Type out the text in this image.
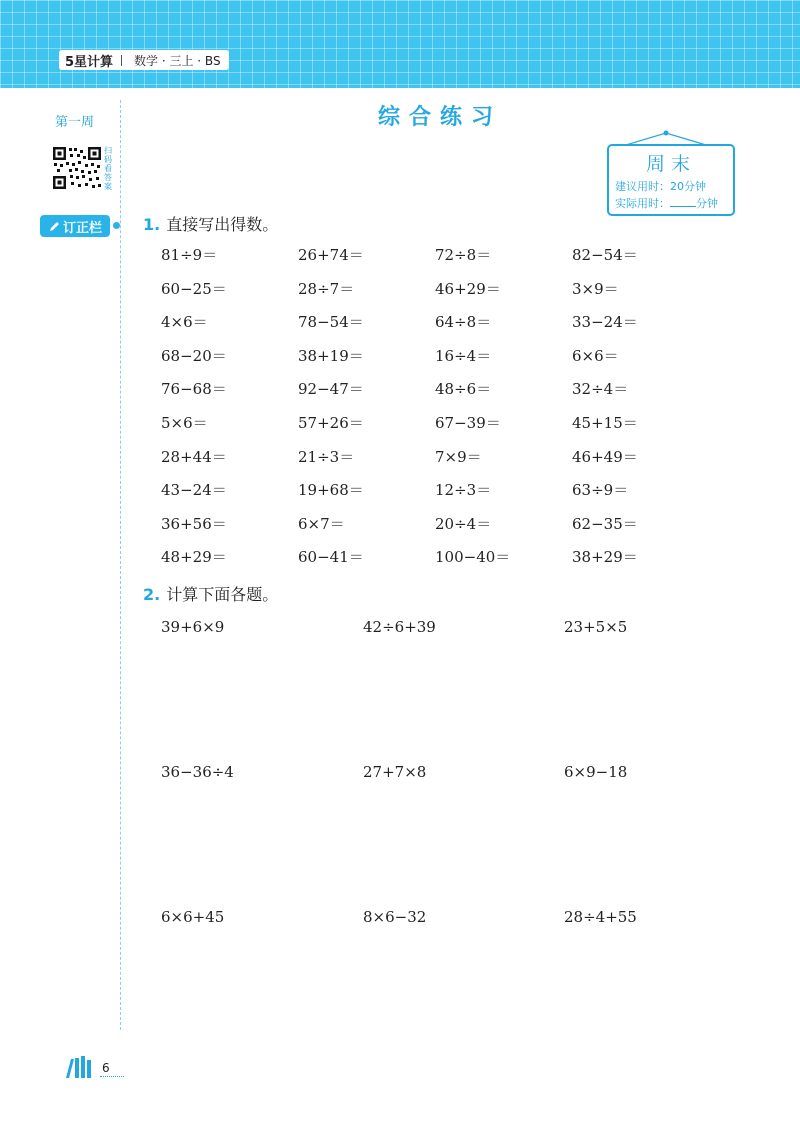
5星计算 数学 · 三上 · BS
第一周
扫码看答案
订正栏
综合练习
周末
建议用时：20分钟
实际用时： 分钟
1. 直接写出得数。
81÷9＝	26+74＝	72÷8＝	82−54＝
60−25＝	28÷7＝	46+29＝	3×9＝
4×6＝	78−54＝	64÷8＝	33−24＝
68−20＝	38+19＝	16÷4＝	6×6＝
76−68＝	92−47＝	48÷6＝	32÷4＝
5×6＝	57+26＝	67−39＝	45+15＝
28+44＝	21÷3＝	7×9＝	46+49＝
43−24＝	19+68＝	12÷3＝	63÷9＝
36+56＝	6×7＝	20÷4＝	62−35＝
48+29＝	60−41＝	100−40＝	38+29＝
2. 计算下面各题。
39+6×9	42÷6+39	23+5×5
36−36÷4	27+7×8	6×9−18
6×6+45	8×6−32	28÷4+55
6
